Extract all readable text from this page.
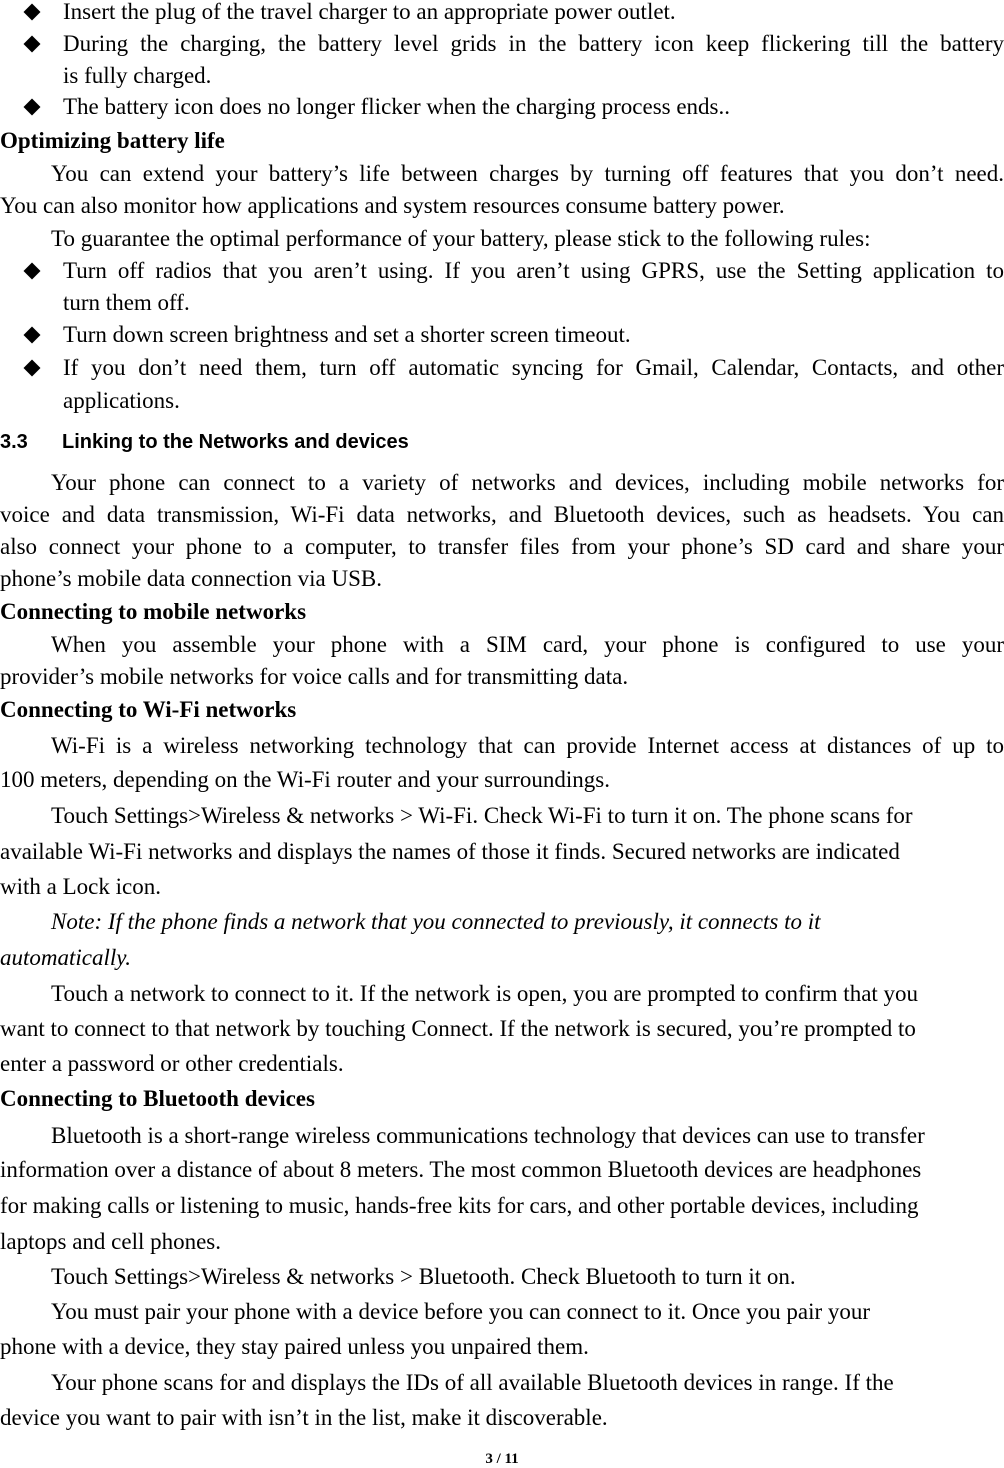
Insert the plug of the travel charger to an appropriate power outlet.
During the charging, the battery level grids in the battery icon keep flickering till the battery
is fully charged.
The battery icon does no longer flicker when the charging process ends..
Optimizing battery life
You can extend your battery’s life between charges by turning off features that you don’t need.
You can also monitor how applications and system resources consume battery power.
To guarantee the optimal performance of your battery, please stick to the following rules:
Turn off radios that you aren’t using. If you aren’t using GPRS, use the Setting application to
turn them off.
Turn down screen brightness and set a shorter screen timeout.
If you don’t need them, turn off automatic syncing for Gmail, Calendar, Contacts, and other
applications.
3.3 Linking to the Networks and devices
Your phone can connect to a variety of networks and devices, including mobile networks for
voice and data transmission, Wi-Fi data networks, and Bluetooth devices, such as headsets. You can
also connect your phone to a computer, to transfer files from your phone’s SD card and share your
phone’s mobile data connection via USB.
Connecting to mobile networks
When you assemble your phone with a SIM card, your phone is configured to use your
provider’s mobile networks for voice calls and for transmitting data.
Connecting to Wi-Fi networks
Wi-Fi is a wireless networking technology that can provide Internet access at distances of up to
100 meters, depending on the Wi-Fi router and your surroundings.
Touch Settings>Wireless & networks > Wi-Fi. Check Wi-Fi to turn it on. The phone scans for
available Wi-Fi networks and displays the names of those it finds. Secured networks are indicated
with a Lock icon.
Note: If the phone finds a network that you connected to previously, it connects to it
automatically.
Touch a network to connect to it. If the network is open, you are prompted to confirm that you
want to connect to that network by touching Connect. If the network is secured, you’re prompted to
enter a password or other credentials.
Connecting to Bluetooth devices
Bluetooth is a short-range wireless communications technology that devices can use to transfer
information over a distance of about 8 meters. The most common Bluetooth devices are headphones
for making calls or listening to music, hands-free kits for cars, and other portable devices, including
laptops and cell phones.
Touch Settings>Wireless & networks > Bluetooth. Check Bluetooth to turn it on.
You must pair your phone with a device before you can connect to it. Once you pair your
phone with a device, they stay paired unless you unpaired them.
Your phone scans for and displays the IDs of all available Bluetooth devices in range. If the
device you want to pair with isn’t in the list, make it discoverable.
3 / 11
